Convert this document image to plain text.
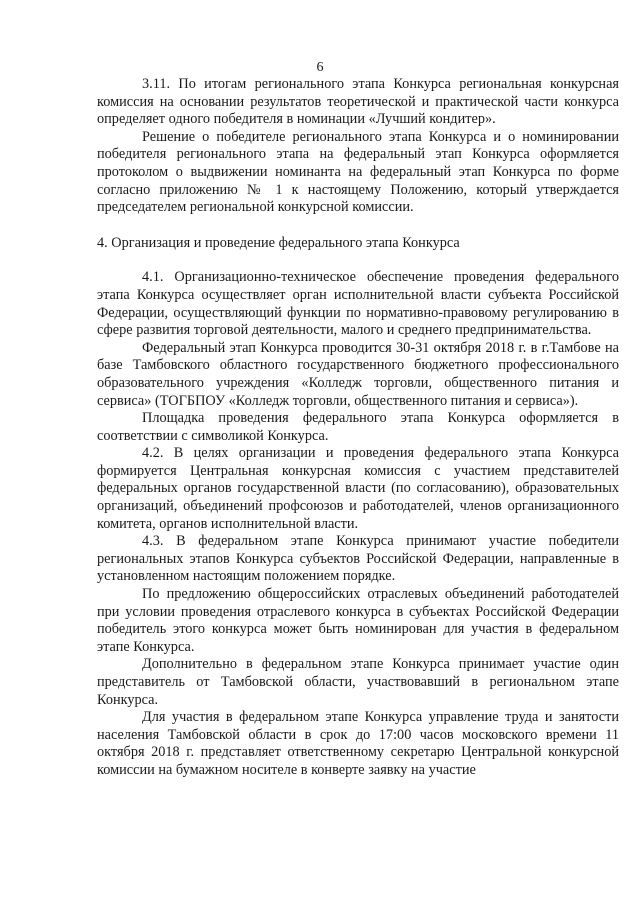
6

3.11. По итогам регионального этапа Конкурса региональная конкурсная комиссия на основании результатов теоретической и практической части конкурса определяет одного победителя в номинации «Лучший кондитер».

Решение о победителе регионального этапа Конкурса и о номинировании победителя регионального этапа на федеральный этап Конкурса оформляется протоколом о выдвижении номинанта на федеральный этап Конкурса по форме согласно приложению № 1 к настоящему Положению, который утверждается председателем региональной конкурсной комиссии.

4. Организация и проведение федерального этапа Конкурса

4.1. Организационно-техническое обеспечение проведения федерального этапа Конкурса осуществляет орган исполнительной власти субъекта Российской Федерации, осуществляющий функции по нормативно-правовому регулированию в сфере развития торговой деятельности, малого и среднего предпринимательства.

Федеральный этап Конкурса проводится 30-31 октября 2018 г. в г.Тамбове на базе Тамбовского областного государственного бюджетного профессионального образовательного учреждения «Колледж торговли, общественного питания и сервиса» (ТОГБПОУ «Колледж торговли, общественного питания и сервиса»).

Площадка проведения федерального этапа Конкурса оформляется в соответствии с символикой Конкурса.

4.2. В целях организации и проведения федерального этапа Конкурса формируется Центральная конкурсная комиссия с участием представителей федеральных органов государственной власти (по согласованию), образовательных организаций, объединений профсоюзов и работодателей, членов организационного комитета, органов исполнительной власти.

4.3. В федеральном этапе Конкурса принимают участие победители региональных этапов Конкурса субъектов Российской Федерации, направленные в установленном настоящим положением порядке.

По предложению общероссийских отраслевых объединений работодателей при условии проведения отраслевого конкурса в субъектах Российской Федерации победитель этого конкурса может быть номинирован для участия в федеральном этапе Конкурса.

Дополнительно в федеральном этапе Конкурса принимает участие один представитель от Тамбовской области, участвовавший в региональном этапе Конкурса.

Для участия в федеральном этапе Конкурса управление труда и занятости населения Тамбовской области в срок до 17:00 часов московского времени 11 октября 2018 г. представляет ответственному секретарю Центральной конкурсной комиссии на бумажном носителе в конверте заявку на участие
